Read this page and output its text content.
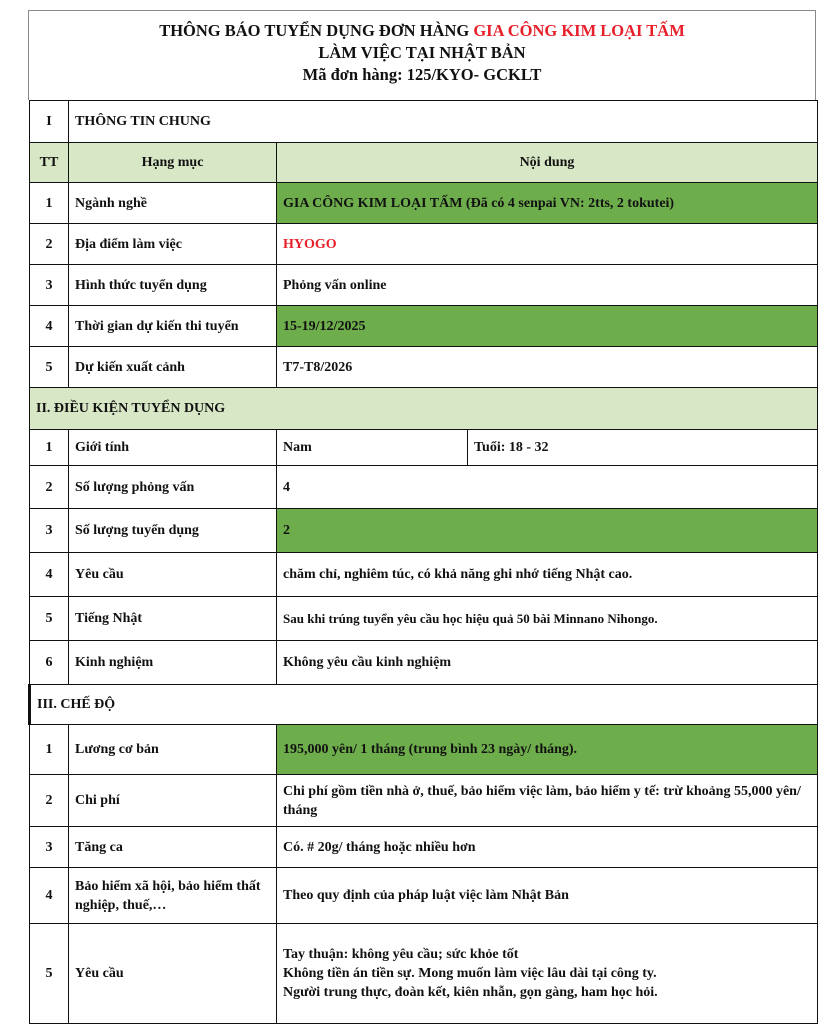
THÔNG BÁO TUYỂN DỤNG ĐƠN HÀNG GIA CÔNG KIM LOẠI TẤM
LÀM VIỆC TẠI NHẬT BẢN
Mã đơn hàng: 125/KYO- GCKLT
I	THÔNG TIN CHUNG		
TT	Hạng mục	Nội dung	
1	Ngành nghề	GIA CÔNG KIM LOẠI TẤM (Đã có 4 senpai VN: 2tts, 2 tokutei)	
2	Địa điểm làm việc	HYOGO	
3	Hình thức tuyển dụng	Phỏng vấn online	
4	Thời gian dự kiến thi tuyển	15-19/12/2025	
5	Dự kiến xuất cảnh	T7-T8/2026	
II. ĐIỀU KIỆN TUYỂN DỤNG			
1	Giới tính	Nam	Tuổi: 18 - 32
2	Số lượng phỏng vấn	4	
3	Số lượng tuyển dụng	2	
4	Yêu cầu	chăm chỉ, nghiêm túc, có khả năng ghi nhớ tiếng Nhật cao.	
5	Tiếng Nhật	Sau khi trúng tuyển yêu cầu học hiệu quả 50 bài Minnano Nihongo.	
6	Kinh nghiệm	Không yêu cầu kinh nghiệm	
III. CHẾ ĐỘ			
1	Lương cơ bản	195,000 yên/ 1 tháng (trung bình 23 ngày/ tháng).	
2	Chi phí	Chi phí gồm tiền nhà ở, thuế, bảo hiểm việc làm, bảo hiểm y tế: trừ khoảng 55,000 yên/ tháng	
3	Tăng ca	Có. # 20g/ tháng hoặc nhiều hơn	
4	Bảo hiểm xã hội, bảo hiểm thất nghiệp, thuế,…	Theo quy định của pháp luật việc làm Nhật Bản	
5	Yêu cầu	Tay thuận: không yêu cầu; sức khỏe tốt
Không tiền án tiền sự. Mong muốn làm việc lâu dài tại công ty.
Người trung thực, đoàn kết, kiên nhẫn, gọn gàng, ham học hỏi.	
